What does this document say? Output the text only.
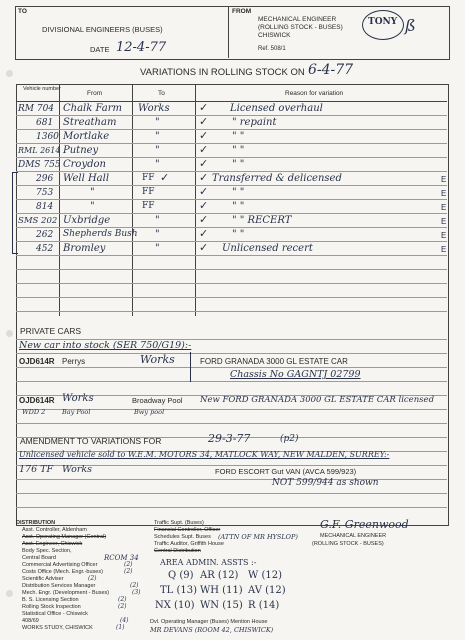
TO
DIVISIONAL ENGINEERS (BUSES)
DATE 12-4-77
FROM
MECHANICAL ENGINEER
(ROLLING STOCK - BUSES)
CHISWICK
Ref. 508/1
TONY ß
VARIATIONS IN ROLLING STOCK ON 6-4-77
Vehicle number
From	To	Reason for variation
RM 704 Chalk Farm Works	✓ Licensed overhaul
681 Streatham	"	✓ " repaint
1360 Mortlake	"	✓ " "
RML 2614 Putney	"	✓ " "
DMS 755 Croydon	"	✓ " "
296 Well Hall	FF ✓	✓ Transferred & delicensed	E
753	"	FF	✓ " "	E
814	"	FF	✓ " "	E
SMS 202 Uxbridge	"	✓ " " RECERT	E
262 Shepherds Bush "	✓ " "	E
452 Bromley	"	✓ Unlicensed recert	E
PRIVATE CARS
New car into stock (SER 750/G19):-
OJD614R Perrys	Works	FORD GRANADA 3000 GL ESTATE CAR
Chassis No GAGNTJ 02799
OJD614R Works	Broadway Pool New FORD GRANADA 3000 GL ESTATE CAR licensed
WDD 2	Bay Pool	Bwy pool
AMENDMENT TO VARIATIONS FOR	29-3-77	(p2)
Unlicensed vehicle sold to W.E.M. MOTORS 34, MATLOCK WAY, NEW MALDEN, SURREY:-
176 TF Works	FORD ESCORT Gut VAN (AVCA 599/923)
NOT 599/944 as shown
DISTRIBUTION
Asst. Controller, Aldenham
Asst. Operating Manager (Central)
Asst. Engineer, Chiswick
Body Spec. Section,
Central Board
Commercial Advertising Officer
Costs Office (Mech. Engr.-buses)
Scientific Adviser
Distribution Services Manager
Mech. Engr. (Development - Buses)
B. S. Licensing Section
Rolling Stock Inspection
Statistical Office - Chiswick
408/69
WORKS STUDY, CHISWICK
RCOM 34
(2)
(2)
(2)
(2)
(3)
(2)
(2)
(4)
(1)
Traffic Supt. (Buses)
Financial Controller, Officer
Schedules Supt. Buses
Traffic Auditor, Griffith House
Central Distribution
(ATTN OF MR HYSLOP)
AREA ADMIN. ASSTS :-
Q (9) AR (12) W (12)
TL (13) WH (11) AV (12)
NX (10) WN (15) R (14)
Dvl. Operating Manager (Buses) Mention House
MR DEVANS (ROOM 42, CHISWICK)
G.F. Greenwood
MECHANICAL ENGINEER
(ROLLING STOCK - BUSES)
